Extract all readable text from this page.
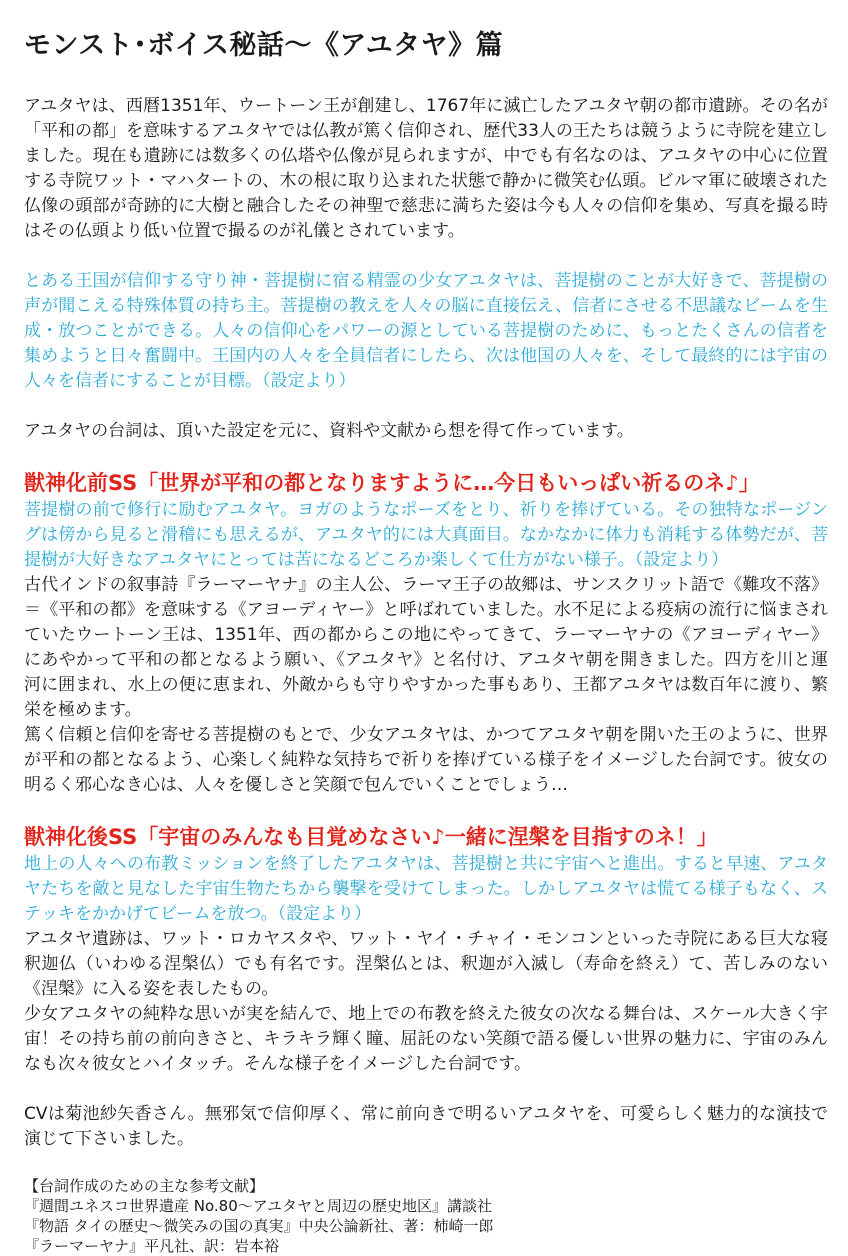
モンスト･ボイス秘話～《アユタヤ》篇

アユタヤは、西暦1351年、ウートーン王が創建し、1767年に滅亡したアユタヤ朝の都市遺跡。その名が「平和の都」を意味するアユタヤでは仏教が篤く信仰され、歴代33人の王たちは競うように寺院を建立しました。現在も遺跡には数多くの仏塔や仏像が見られますが、中でも有名なのは、アユタヤの中心に位置する寺院ワット・マハタートの、木の根に取り込まれた状態で静かに微笑む仏頭。ビルマ軍に破壊された仏像の頭部が奇跡的に大樹と融合したその神聖で慈悲に満ちた姿は今も人々の信仰を集め、写真を撮る時はその仏頭より低い位置で撮るのが礼儀とされています。

とある王国が信仰する守り神・菩提樹に宿る精霊の少女アユタヤは、菩提樹のことが大好きで、菩提樹の声が聞こえる特殊体質の持ち主。菩提樹の教えを人々の脳に直接伝え、信者にさせる不思議なビームを生成・放つことができる。人々の信仰心をパワーの源としている菩提樹のために、もっとたくさんの信者を集めようと日々奮闘中。王国内の人々を全員信者にしたら、次は他国の人々を、そして最終的には宇宙の人々を信者にすることが目標。（設定より）

アユタヤの台詞は、頂いた設定を元に、資料や文献から想を得て作っています。

獣神化前SS「世界が平和の都となりますように…今日もいっぱい祈るのネ♪」

菩提樹の前で修行に励むアユタヤ。ヨガのようなポーズをとり、祈りを捧げている。その独特なポージングは傍から見ると滑稽にも思えるが、アユタヤ的には大真面目。なかなかに体力も消耗する体勢だが、菩提樹が大好きなアユタヤにとっては苦になるどころか楽しくて仕方がない様子。（設定より）

古代インドの叙事詩『ラーマーヤナ』の主人公、ラーマ王子の故郷は、サンスクリット語で《難攻不落》＝《平和の都》を意味する《アヨーディヤー》と呼ばれていました。水不足による疫病の流行に悩まされていたウートーン王は、1351年、西の都からこの地にやってきて、ラーマーヤナの《アヨーディヤー》にあやかって平和の都となるよう願い、《アユタヤ》と名付け、アユタヤ朝を開きました。四方を川と運河に囲まれ、水上の便に恵まれ、外敵からも守りやすかった事もあり、王都アユタヤは数百年に渡り、繁栄を極めます。

篤く信頼と信仰を寄せる菩提樹のもとで、少女アユタヤは、かつてアユタヤ朝を開いた王のように、世界が平和の都となるよう、心楽しく純粋な気持ちで祈りを捧げている様子をイメージした台詞です。彼女の明るく邪心なき心は、人々を優しさと笑顔で包んでいくことでしょう…

獣神化後SS「宇宙のみんなも目覚めなさい♪一緒に涅槃を目指すのネ！」

地上の人々への布教ミッションを終了したアユタヤは、菩提樹と共に宇宙へと進出。すると早速、アユタヤたちを敵と見なした宇宙生物たちから襲撃を受けてしまった。しかしアユタヤは慌てる様子もなく、ステッキをかかげてビームを放つ。（設定より）

アユタヤ遺跡は、ワット・ロカヤスタや、ワット・ヤイ・チャイ・モンコンといった寺院にある巨大な寝釈迦仏（いわゆる涅槃仏）でも有名です。涅槃仏とは、釈迦が入滅し（寿命を終え）て、苦しみのない《涅槃》に入る姿を表したもの。

少女アユタヤの純粋な思いが実を結んで、地上での布教を終えた彼女の次なる舞台は、スケール大きく宇宙！その持ち前の前向きさと、キラキラ輝く瞳、屈託のない笑顔で語る優しい世界の魅力に、宇宙のみんなも次々彼女とハイタッチ。そんな様子をイメージした台詞です。

CVは菊池紗矢香さん。無邪気で信仰厚く、常に前向きで明るいアユタヤを、可愛らしく魅力的な演技で演じて下さいました。

【台詞作成のための主な参考文献】

『週間ユネスコ世界遺産 No.80～アユタヤと周辺の歴史地区』講談社

『物語 タイの歴史～微笑みの国の真実』中央公論新社、著：柿崎一郎

『ラーマーヤナ』平凡社、訳：岩本裕
